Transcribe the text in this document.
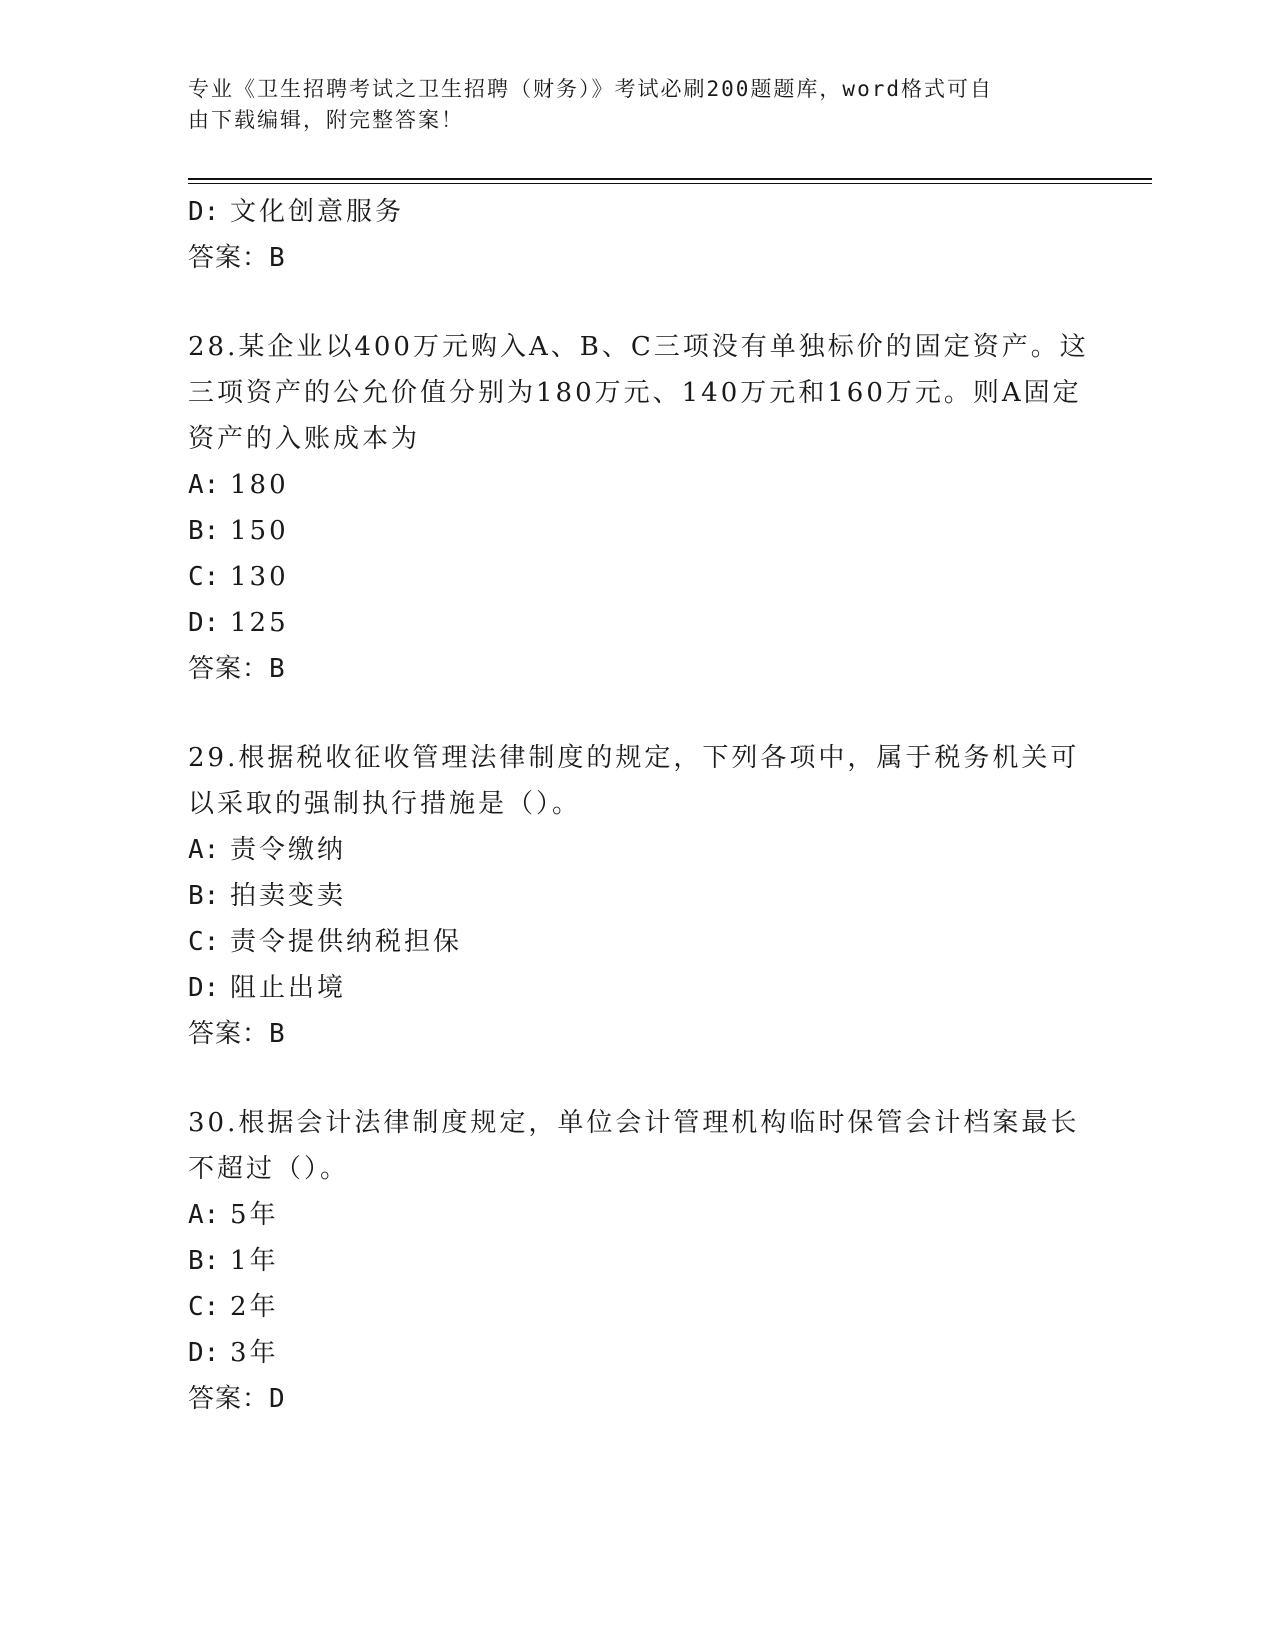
专业《卫生招聘考试之卫生招聘（财务）》考试必刷200题题库，word格式可自
由下载编辑，附完整答案！
D: 文化创意服务
答案：B
28.某企业以400万元购入A、B、C三项没有单独标价的固定资产。这
三项资产的公允价值分别为180万元、140万元和160万元。则A固定
资产的入账成本为
A: 180
B: 150
C: 130
D: 125
答案：B
29.根据税收征收管理法律制度的规定，下列各项中，属于税务机关可
以采取的强制执行措施是（）。
A: 责令缴纳
B: 拍卖变卖
C: 责令提供纳税担保
D: 阻止出境
答案：B
30.根据会计法律制度规定，单位会计管理机构临时保管会计档案最长
不超过（）。
A: 5年
B: 1年
C: 2年
D: 3年
答案：D
